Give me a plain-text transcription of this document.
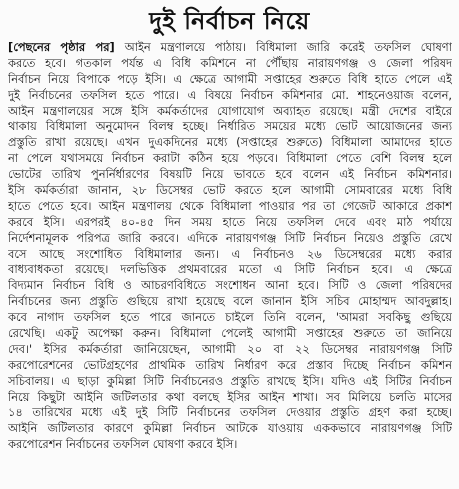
দুই নির্বাচন নিয়ে
[পেছনের পৃষ্ঠার পর] আইন মন্ত্রণালয়ে পাঠায়। বিধিমালা জারি করেই তফসিল ঘোষণা
করতে হবে। গতকাল পর্যন্ত এ বিধি কমিশনে না পৌঁছায় নারায়ণগঞ্জ ও জেলা পরিষদ
নির্বাচন নিয়ে বিপাকে পড়ে ইসি। এ ক্ষেত্রে আগামী সপ্তাহের শুরুতে বিধি হাতে পেলে এই
দুই নির্বাচনের তফসিল হতে পারে। এ বিষয়ে নির্বাচন কমিশনার মো. শাহনেওয়াজ বলেন,
আইন মন্ত্রণালয়ের সঙ্গে ইসি কর্মকর্তাদের যোগাযোগ অব্যাহত রয়েছে। মন্ত্রী দেশের বাইরে
থাকায় বিধিমালা অনুমোদন বিলম্ব হচ্ছে। নির্ধারিত সময়ের মধ্যে ভোট আয়োজনের জন্য
প্রস্তুতি রাখা রয়েছে। এখন দুএকদিনের মধ্যে (সপ্তাহের শুরুতে) বিধিমালা আমাদের হাতে
না পেলে যথাসময়ে নির্বাচন করাটা কঠিন হয়ে পড়বে। বিধিমালা পেতে বেশি বিলম্ব হলে
ভোটের তারিখ পুনর্নির্ধারণের বিষয়টি নিয়ে ভাবতে হবে বলেন এই নির্বাচন কমিশনার।
ইসি কর্মকর্তারা জানান, ২৮ ডিসেম্বর ভোট করতে হলে আগামী সোমবারের মধ্যে বিধি
হাতে পেতে হবে। আইন মন্ত্রণালয় থেকে বিধিমালা পাওয়ার পর তা গেজেট আকারে প্রকাশ
করবে ইসি। এরপরই ৪০-৪৫ দিন সময় হাতে নিয়ে তফসিল দেবে এবং মাঠ পর্যায়ে
নির্দেশনামূলক পরিপত্র জারি করবে। এদিকে নারায়ণগঞ্জ সিটি নির্বাচন নিয়েও প্রস্তুতি রেখে
বসে আছে সংশোধিত বিধিমালার জন্য। এ নির্বাচনও ২৬ ডিসেম্বরের মধ্যে করার
বাধ্যবাধকতা রয়েছে। দলভিত্তিক প্রথমবারের মতো এ সিটি নির্বাচন হবে। এ ক্ষেত্রে
বিদ্যমান নির্বাচন বিধি ও আচরণবিধিতে সংশোধন আনা হবে। সিটি ও জেলা পরিষদের
নির্বাচনের জন্য প্রস্তুতি গুছিয়ে রাখা হয়েছে বলে জানান ইসি সচিব মোহাম্মদ আবদুল্লাহ।
কবে নাগাদ তফসিল হতে পারে জানতে চাইলে তিনি বলেন, 'আমরা সবকিছু গুছিয়ে
রেখেছি। একটু অপেক্ষা করুন। বিধিমালা পেলেই আগামী সপ্তাহের শুরুতে তা জানিয়ে
দেব।' ইসির কর্মকর্তারা জানিয়েছেন, আগামী ২০ বা ২২ ডিসেম্বর নারায়ণগঞ্জ সিটি
করপোরেশনের ভোটগ্রহণের প্রাথমিক তারিখ নির্ধারণ করে প্রস্তাব দিচ্ছে নির্বাচন কমিশন
সচিবালয়। এ ছাড়া কুমিল্লা সিটি নির্বাচনেরও প্রস্তুতি রাখছে ইসি। যদিও এই সিটির নির্বাচন
নিয়ে কিছুটা আইনি জটিলতার কথা বলছে ইসির আইন শাখা। সব মিলিয়ে চলতি মাসের
১৪ তারিখের মধ্যে এই দুই সিটি নির্বাচনের তফসিল দেওয়ার প্রস্তুতি গ্রহণ করা হচ্ছে।
আইনি জটিলতার কারণে কুমিল্লা নির্বাচন আটকে যাওয়ায় এককভাবে নারায়ণগঞ্জ সিটি
করপোরেশন নির্বাচনের তফসিল ঘোষণা করবে ইসি।
